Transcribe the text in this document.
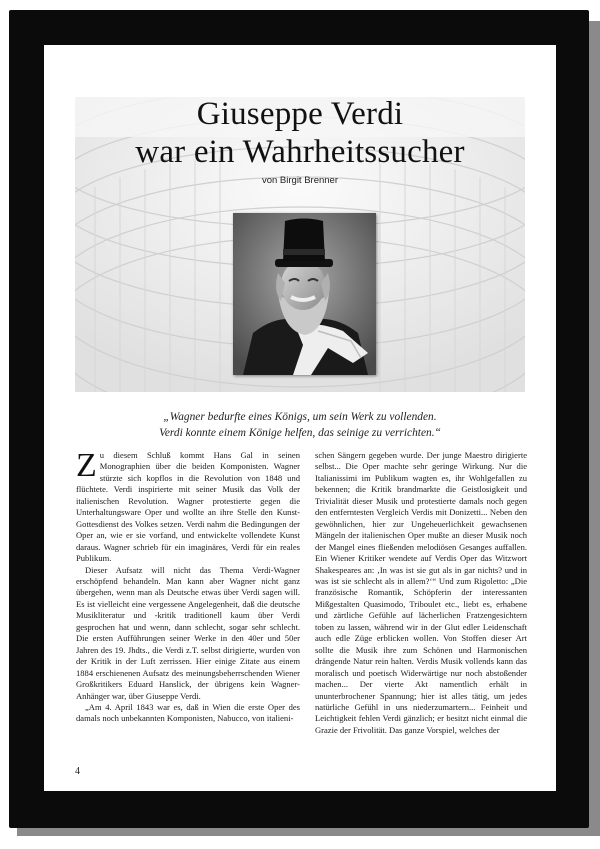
Giuseppe Verdi
war ein Wahrheitssucher
von Birgit Brenner
„Wagner bedurfte eines Königs, um sein Werk zu vollenden.
Verdi konnte einem Könige helfen, das seinige zu verrichten.“

Zu diesem Schluß kommt Hans Gal in seinen Monographien über die beiden Komponisten. Wagner stürzte sich kopflos in die Revolution von 1848 und flüchtete. Verdi inspirierte mit seiner Musik das Volk der italienischen Revolution. Wagner protestierte gegen die Unterhaltungsware Oper und wollte an ihre Stelle den Kunst-Gottesdienst des Volkes setzen. Verdi nahm die Bedingungen der Oper an, wie er sie vorfand, und entwickelte vollendete Kunst daraus. Wagner schrieb für ein imaginäres, Verdi für ein reales Publikum.

Dieser Aufsatz will nicht das Thema Verdi-Wagner erschöpfend behandeln. Man kann aber Wagner nicht ganz übergehen, wenn man als Deutsche etwas über Verdi sagen will. Es ist vielleicht eine vergessene Angelegenheit, daß die deutsche Musikliteratur und -kritik traditionell kaum über Verdi gesprochen hat und wenn, dann schlecht, sogar sehr schlecht. Die ersten Aufführungen seiner Werke in den 40er und 50er Jahren des 19. Jhdts., die Verdi z.T. selbst dirigierte, wurden von der Kritik in der Luft zerrissen. Hier einige Zitate aus einem 1884 erschienenen Aufsatz des meinungsbeherrschenden Wiener Großkritikers Eduard Hanslick, der übrigens kein Wagner-Anhänger war, über Giuseppe Verdi.

„Am 4. April 1843 war es, daß in Wien die erste Oper des damals noch unbekannten Komponisten, Nabucco, von italieni-

schen Sängern gegeben wurde. Der junge Maestro dirigierte selbst... Die Oper machte sehr geringe Wirkung. Nur die Italianissimi im Publikum wagten es, ihr Wohlgefallen zu bekennen; die Kritik brandmarkte die Geistlosigkeit und Trivialität dieser Musik und protestierte damals noch gegen den entferntesten Vergleich Verdis mit Donizetti... Neben den gewöhnlichen, hier zur Ungeheuerlichkeit gewachsenen Mängeln der italienischen Oper mußte an dieser Musik noch der Mangel eines fließenden melodiösen Gesanges auffallen. Ein Wiener Kritiker wendete auf Verdis Oper das Witzwort Shakespeares an: ‚In was ist sie gut als in gar nichts? und in was ist sie schlecht als in allem?‘“ Und zum Rigoletto: „Die französische Romantik, Schöpferin der interessanten Mißgestalten Quasimodo, Triboulet etc., liebt es, erhabene und zärtliche Gefühle auf lächerlichen Fratzengesichtern toben zu lassen, während wir in der Glut edler Leidenschaft auch edle Züge erblicken wollen. Von Stoffen dieser Art sollte die Musik ihre zum Schönen und Harmonischen drängende Natur rein halten. Verdis Musik vollends kann das moralisch und poetisch Widerwärtige nur noch abstoßender machen... Der vierte Akt namentlich erhält in ununterbrochener Spannung; hier ist alles tätig, um jedes natürliche Gefühl in uns niederzumartern... Feinheit und Leichtigkeit fehlen Verdi gänzlich; er besitzt nicht einmal die Grazie der Frivolität. Das ganze Vorspiel, welches der

4
